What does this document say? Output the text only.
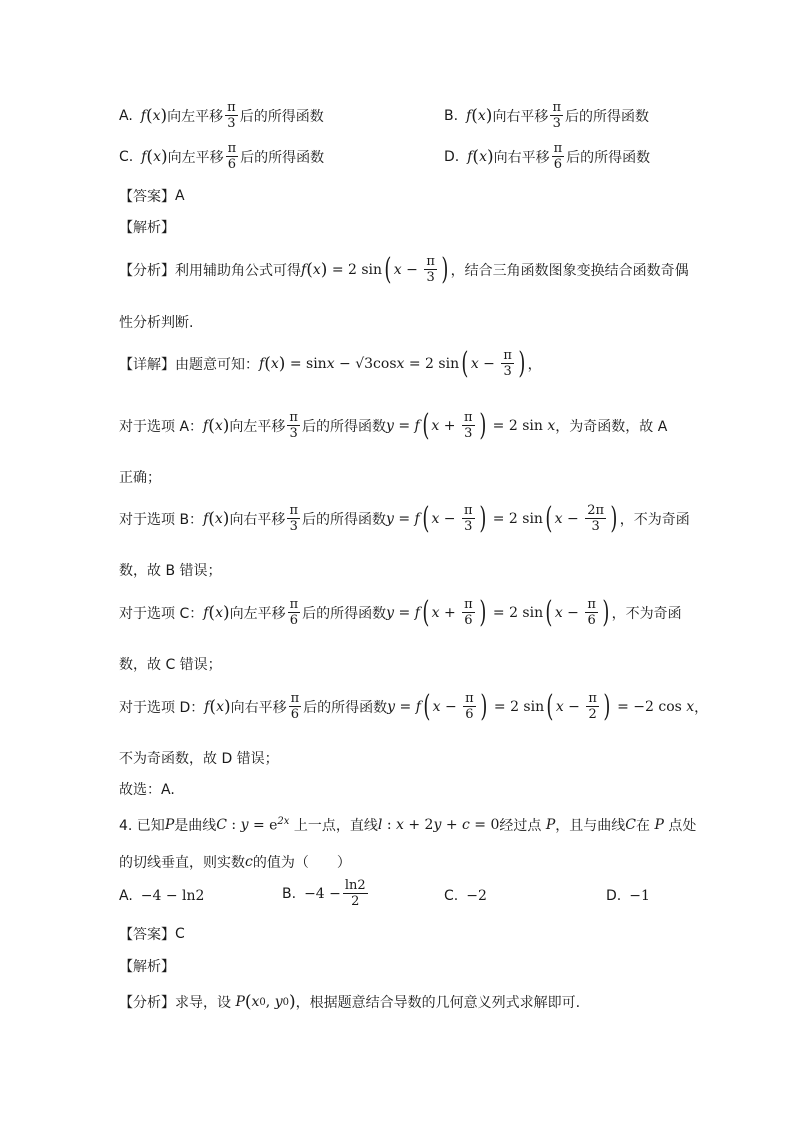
A. f ( x ) 向左平移 $\frac{\pi}{3}$ 后的所得函数	B. f ( x ) 向右平移 $\frac{\pi}{3}$ 后的所得函数
C. f ( x ) 向左平移 $\frac{\pi}{6}$ 后的所得函数	D. f ( x ) 向右平移 $\frac{\pi}{6}$ 后的所得函数
【答案】 A
【解析】
【分析】 利用辅助角公式可得 f ( x ) = 2 sin ( $x - \frac{\pi}{3}$ ) ，结合三角函数图象变换结合函数奇偶
性分析判断.
【详解】 由题意可知： f ( x ) = sin x − √3cos x = 2 sin ( $x - \frac{\pi}{3}$ ) ，
对于选项 A： f ( x ) 向左平移 $\frac{\pi}{3}$ 后的所得函数 y = f ( $x + \frac{\pi}{3}$ ) = 2 sin x ，为奇函数，故 A
正确；
对于选项 B： f ( x ) 向右平移 $\frac{\pi}{3}$ 后的所得函数 y = f ( $x - \frac{\pi}{3}$ ) = 2 sin ( $x - \frac{2\pi}{3}$ ) ，不为奇函
数，故 B 错误；
对于选项 C： f ( x ) 向左平移 $\frac{\pi}{6}$ 后的所得函数 y = f ( $x + \frac{\pi}{6}$ ) = 2 sin ( $x - \frac{\pi}{6}$ ) ，不为奇函
数，故 C 错误；
对于选项 D： f ( x ) 向右平移 $\frac{\pi}{6}$ 后的所得函数 y = f ( $x - \frac{\pi}{6}$ ) = 2 sin ( $x - \frac{\pi}{2}$ ) = −2 cos x ，
不为奇函数，故 D 错误；
故选：A.
4. 已知 P 是曲线 C : $y = e^{2x}$ 上一点，直线 l : x + 2 y + c = 0 经过点 P ，且与曲线 C 在 P 点处
的切线垂直，则实数 c 的值为（　　）
A. −4 − ln2	B. $-4 - \frac{\ln 2}{2}$	C. −2	D. −1
【答案】 C
【解析】
【分析】 求导，设 P ( x 0 , y 0 ) ，根据题意结合导数的几何意义列式求解即可.
